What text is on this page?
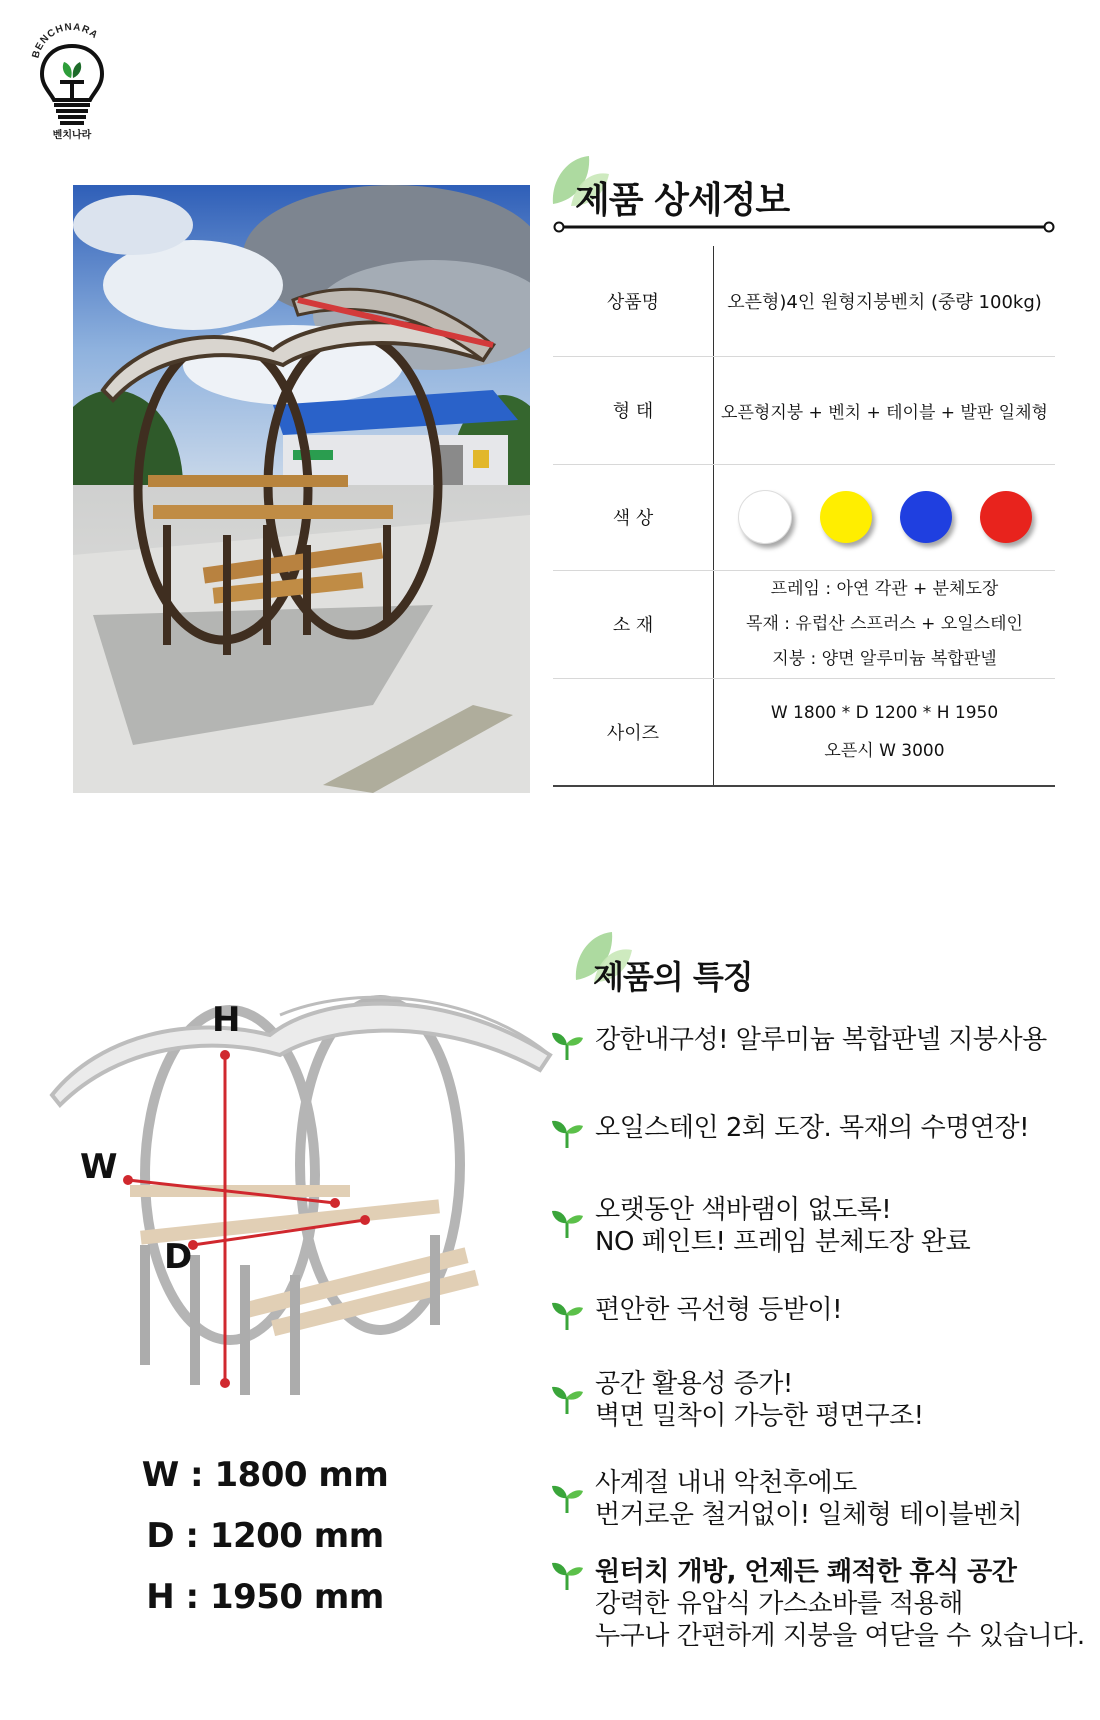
BENCHNARA
벤치나라
제품 상세정보
상품명	오픈형)4인 원형지붕벤치 (중량 100kg)
형 태	오픈형지붕 + 벤치 + 테이블 + 발판 일체형
색 상	
소 재	프레임 : 아연 각관 + 분체도장
목재 : 유럽산 스프러스 + 오일스테인
지붕 : 양면 알루미늄 복합판넬

사이즈	W 1800 * D 1200 * H 1950
오픈시 W 3000
H
W
D
W : 1800 mm
D : 1200 mm
H : 1950 mm
제품의 특징
강한내구성! 알루미늄 복합판넬 지붕사용
오일스테인 2회 도장. 목재의 수명연장!
오랫동안 색바램이 없도록!
NO 페인트! 프레임 분체도장 완료
편안한 곡선형 등받이!
공간 활용성 증가!
벽면 밀착이 가능한 평면구조!
사계절 내내 악천후에도
번거로운 철거없이! 일체형 테이블벤치
원터치 개방, 언제든 쾌적한 휴식 공간
강력한 유압식 가스쇼바를 적용해
누구나 간편하게 지붕을 여닫을 수 있습니다.
